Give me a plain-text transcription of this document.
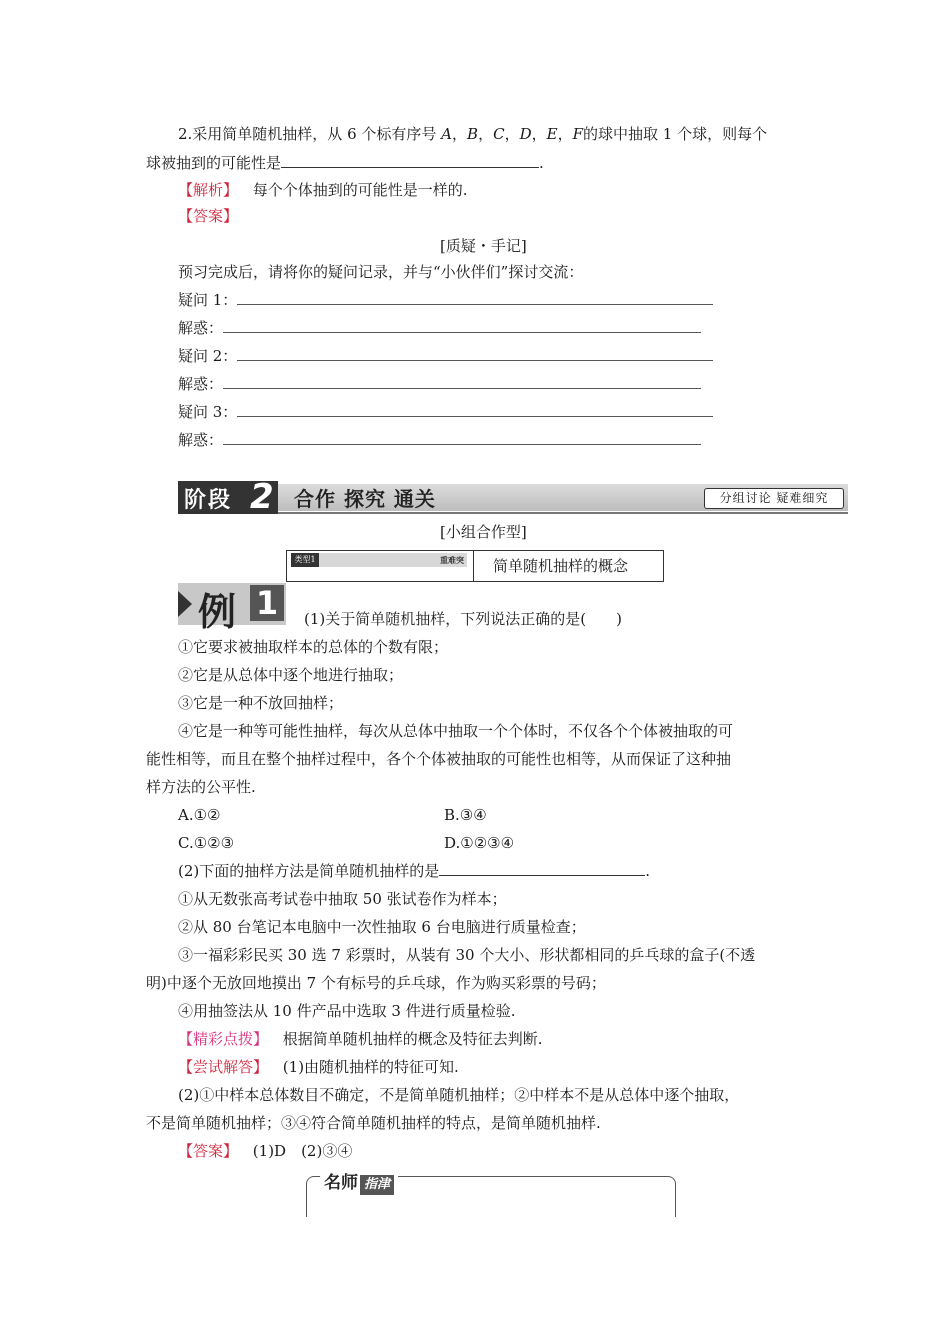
2.采用简单随机抽样，从 6 个标有序号 A，B，C，D，E，F的球中抽取 1 个球，则每个
球被抽到的可能性是	.
【解析】 每个个体抽到的可能性是一样的.
【答案】
[质疑・手记]
预习完成后，请将你的疑问记录，并与“小伙伴们”探讨交流：
疑问 1：
解惑：
疑问 2：
解惑：
疑问 3：
解惑：
阶段 2 合作 探究 通关	分组讨论 疑难细究
[小组合作型]
类型1	重难突 简单随机抽样的概念
例 1	(1)关于简单随机抽样，下列说法正确的是(　　)
①它要求被抽取样本的总体的个数有限；
②它是从总体中逐个地进行抽取；
③它是一种不放回抽样；
④它是一种等可能性抽样，每次从总体中抽取一个个体时，不仅各个个体被抽取的可
能性相等，而且在整个抽样过程中，各个个体被抽取的可能性也相等，从而保证了这种抽
样方法的公平性.
A.①②	B.③④
C.①②③	D.①②③④
(2)下面的抽样方法是简单随机抽样的是	.
①从无数张高考试卷中抽取 50 张试卷作为样本；
②从 80 台笔记本电脑中一次性抽取 6 台电脑进行质量检查；
③一福彩彩民买 30 选 7 彩票时，从装有 30 个大小、形状都相同的乒乓球的盒子(不透
明)中逐个无放回地摸出 7 个有标号的乒乓球，作为购买彩票的号码；
④用抽签法从 10 件产品中选取 3 件进行质量检验.
【精彩点拨】 根据简单随机抽样的概念及特征去判断.
【尝试解答】 (1)由随机抽样的特征可知.
(2)①中样本总体数目不确定，不是简单随机抽样；②中样本不是从总体中逐个抽取，
不是简单随机抽样；③④符合简单随机抽样的特点，是简单随机抽样.
【答案】 (1)D　(2)③④
名师 指津
